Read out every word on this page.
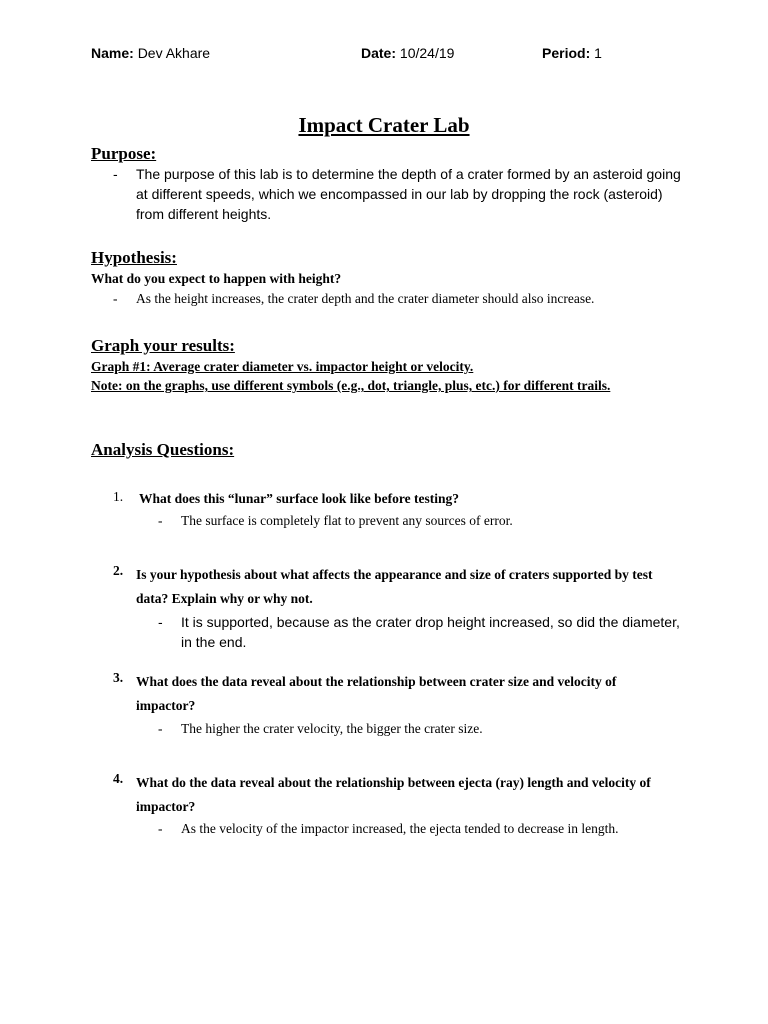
Name: Dev Akhare	Date: 10/24/19	Period: 1
Impact Crater Lab
Purpose:
- The purpose of this lab is to determine the depth of a crater formed by an asteroid going at different speeds, which we encompassed in our lab by dropping the rock (asteroid) from different heights.
Hypothesis:
What do you expect to happen with height?
- As the height increases, the crater depth and the crater diameter should also increase.
Graph your results:
Graph #1: Average crater diameter vs. impactor height or velocity.
Note: on the graphs, use different symbols (e.g., dot, triangle, plus, etc.) for different trails.
Analysis Questions:
1. What does this “lunar” surface look like before testing?
- The surface is completely flat to prevent any sources of error.
2. Is your hypothesis about what affects the appearance and size of craters supported by test data? Explain why or why not.
- It is supported, because as the crater drop height increased, so did the diameter, in the end.
3. What does the data reveal about the relationship between crater size and velocity of impactor?
- The higher the crater velocity, the bigger the crater size.
4. What do the data reveal about the relationship between ejecta (ray) length and velocity of impactor?
- As the velocity of the impactor increased, the ejecta tended to decrease in length.
